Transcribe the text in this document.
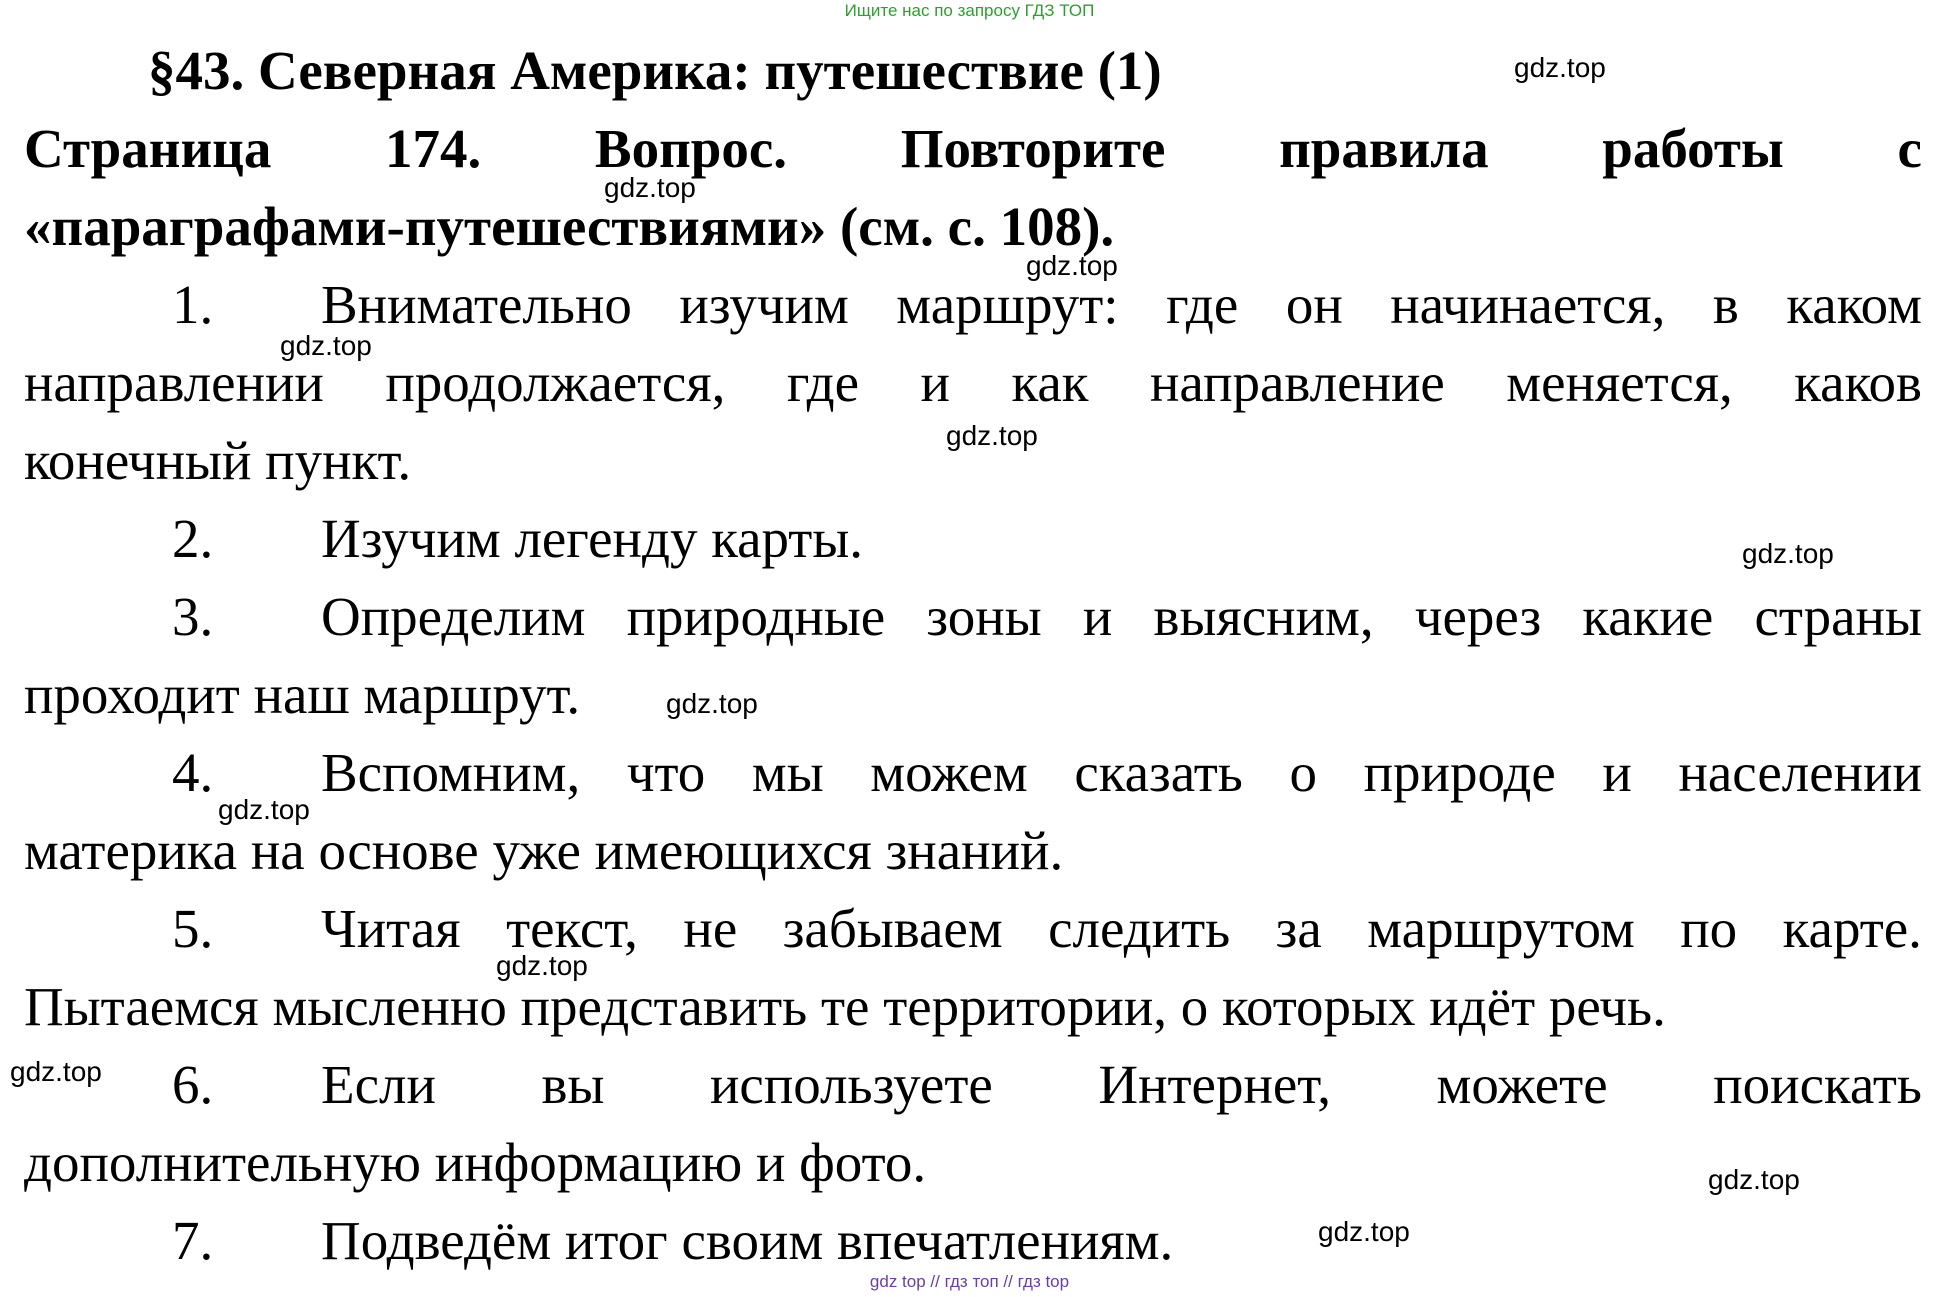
Ищите нас по запросу ГДЗ ТОП
§43. Северная Америка: путешествие (1)
Страница 174. Вопрос. Повторите правила работы с
«параграфами-путешествиями» (см. с. 108).
1. Внимательно изучим маршрут: где он начинается, в каком
направлении продолжается, где и как направление меняется, каков
конечный пункт.
2. Изучим легенду карты.
3. Определим природные зоны и выясним, через какие страны
проходит наш маршрут.
4. Вспомним, что мы можем сказать о природе и населении
материка на основе уже имеющихся знаний.
5. Читая текст, не забываем следить за маршрутом по карте.
Пытаемся мысленно представить те территории, о которых идёт речь.
6. Если вы используете Интернет, можете поискать
дополнительную информацию и фото.
7. Подведём итог своим впечатлениям.
gdz.top
gdz.top
gdz.top
gdz.top
gdz.top
gdz.top
gdz.top
gdz.top
gdz.top
gdz.top
gdz.top
gdz.top
gdz top // гдз топ // гдз top
